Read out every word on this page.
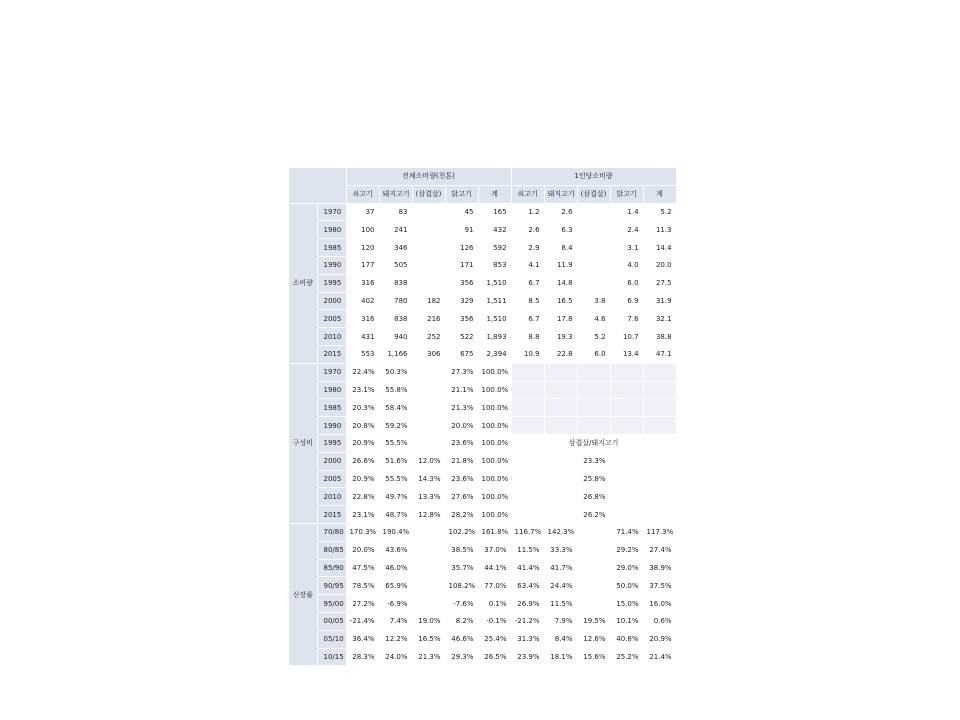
		전체소비량(천톤)					1인당소비량				
		쇠고기	돼지고기	(삼겹살)	닭고기	계	쇠고기	돼지고기	(삼겹살)	닭고기	계
소비량	1970	37	83		45	165	1.2	2.6		1.4	5.2
	1980	100	241		91	432	2.6	6.3		2.4	11.3
	1985	120	346		126	592	2.9	8.4		3.1	14.4
	1990	177	505		171	853	4.1	11.9		4.0	20.0
	1995	316	838		356	1,510	6.7	14.8		6.0	27.5
	2000	402	780	182	329	1,511	8.5	16.5	3.8	6.9	31.9
	2005	316	838	216	356	1,510	6.7	17.8	4.6	7.6	32.1
	2010	431	940	252	522	1,893	8.8	19.3	5.2	10.7	38.8
	2015	553	1,166	306	675	2,394	10.9	22.8	6.0	13.4	47.1
구성비	1970	22.4%	50.3%		27.3%	100.0%					
	1980	23.1%	55.8%		21.1%	100.0%					
	1985	20.3%	58.4%		21.3%	100.0%					
	1990	20.8%	59.2%		20.0%	100.0%					
	1995	20.9%	55.5%		23.6%	100.0%	삼겹살/돼지고기				
	2000	26.6%	51.6%	12.0%	21.8%	100.0%			23.3%		
	2005	20.9%	55.5%	14.3%	23.6%	100.0%			25.8%		
	2010	22.8%	49.7%	13.3%	27.6%	100.0%			26.8%		
	2015	23.1%	48.7%	12.8%	28.2%	100.0%			26.2%		
신장률	70/80	170.3%	190.4%		102.2%	161.8%	116.7%	142.3%		71.4%	117.3%
	80/85	20.0%	43.6%		38.5%	37.0%	11.5%	33.3%		29.2%	27.4%
	85/90	47.5%	46.0%		35.7%	44.1%	41.4%	41.7%		29.0%	38.9%
	90/95	78.5%	65.9%		108.2%	77.0%	63.4%	24.4%		50.0%	37.5%
	95/00	27.2%	-6.9%		-7.6%	0.1%	26.9%	11.5%		15.0%	16.0%
	00/05	-21.4%	7.4%	19.0%	8.2%	-0.1%	-21.2%	7.9%	19.5%	10.1%	0.6%
	05/10	36.4%	12.2%	16.5%	46.6%	25.4%	31.3%	8.4%	12.6%	40.8%	20.9%
	10/15	28.3%	24.0%	21.3%	29.3%	26.5%	23.9%	18.1%	15.6%	25.2%	21.4%
